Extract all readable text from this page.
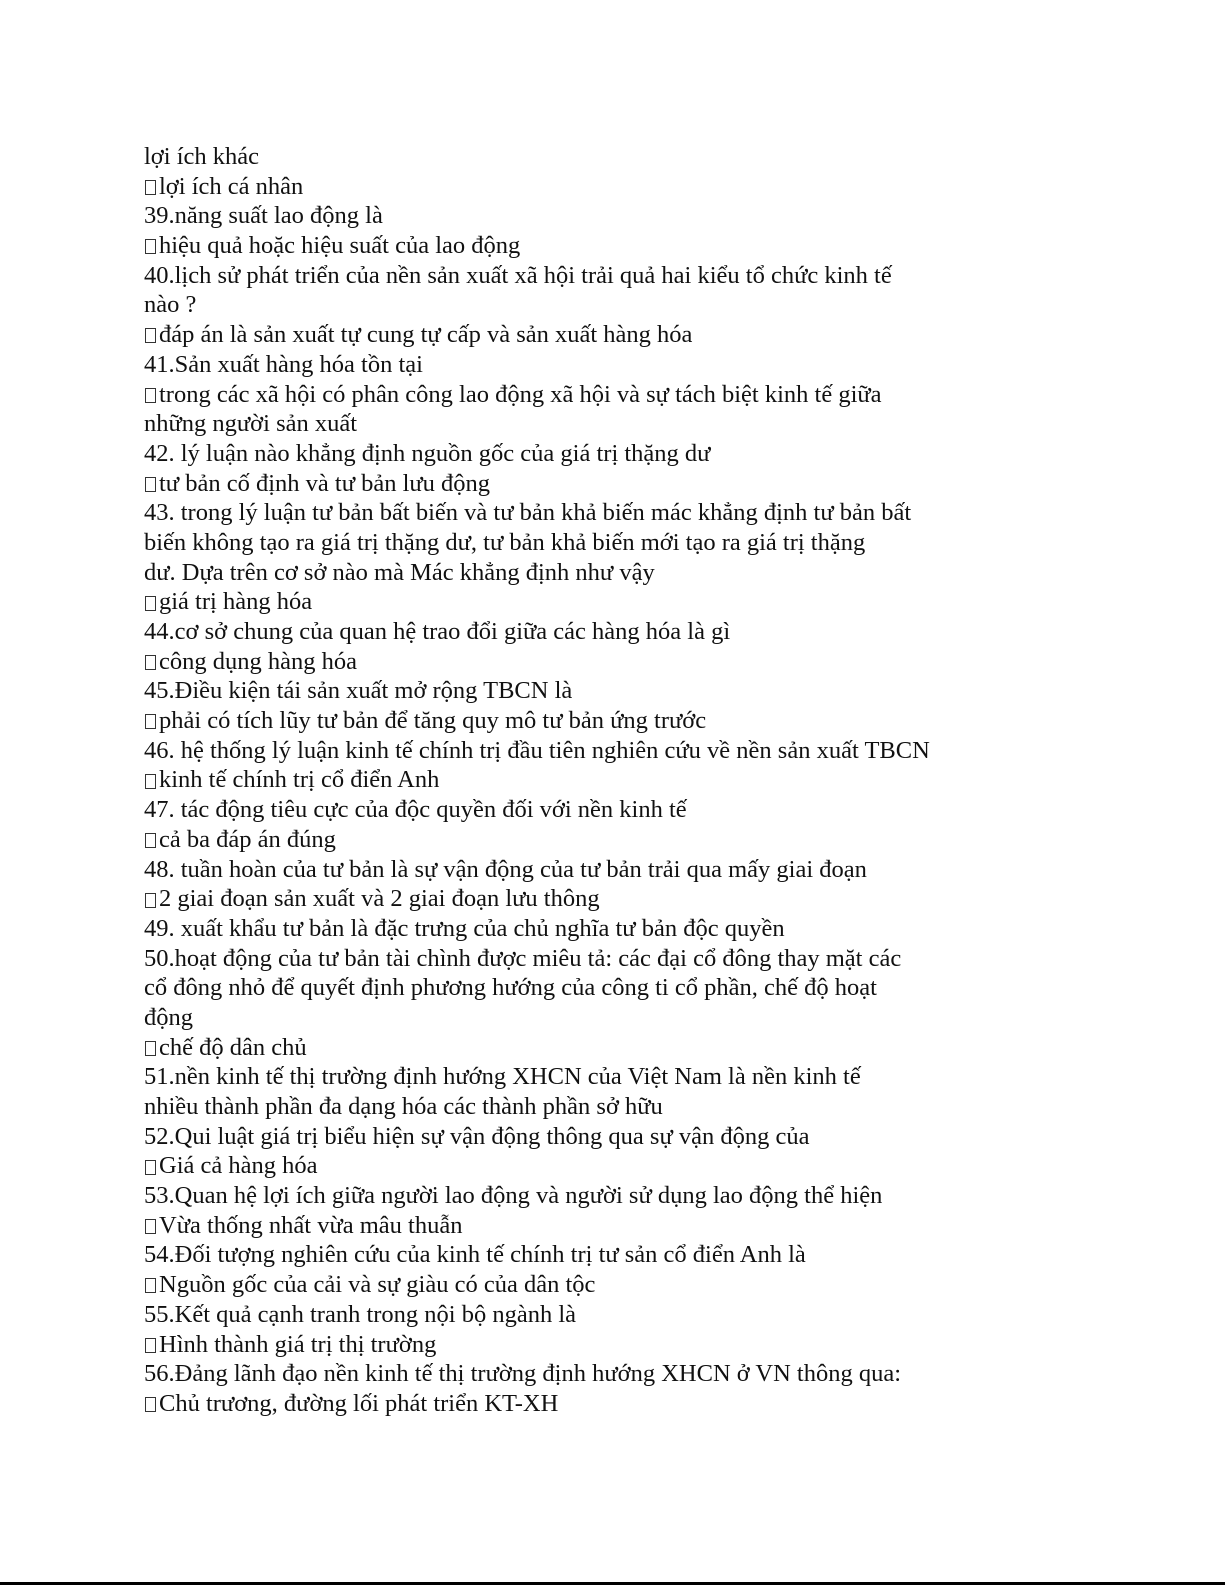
lợi ích khác
lợi ích cá nhân
39.năng suất lao động là
hiệu quả hoặc hiệu suất của lao động
40.lịch sử phát triển của nền sản xuất xã hội trải quả hai kiểu tổ chức kinh tế
nào ?
đáp án là sản xuất tự cung tự cấp và sản xuất hàng hóa
41.Sản xuất hàng hóa tồn tại
trong các xã hội có phân công lao động xã hội và sự tách biệt kinh tế giữa
những người sản xuất
42. lý luận nào khẳng định nguồn gốc của giá trị thặng dư
tư bản cố định và tư bản lưu động
43. trong lý luận tư bản bất biến và tư bản khả biến mác khẳng định tư bản bất
biến không tạo ra giá trị thặng dư, tư bản khả biến mới tạo ra giá trị thặng
dư. Dựa trên cơ sở nào mà Mác khẳng định như vậy
giá trị hàng hóa
44.cơ sở chung của quan hệ trao đổi giữa các hàng hóa là gì
công dụng hàng hóa
45.Điều kiện tái sản xuất mở rộng TBCN là
phải có tích lũy tư bản để tăng quy mô tư bản ứng trước
46. hệ thống lý luận kinh tế chính trị đầu tiên nghiên cứu về nền sản xuất TBCN
kinh tế chính trị cổ điển Anh
47. tác động tiêu cực của độc quyền đối với nền kinh tế
cả ba đáp án đúng
48. tuần hoàn của tư bản là sự vận động của tư bản trải qua mấy giai đoạn
2 giai đoạn sản xuất và 2 giai đoạn lưu thông
49. xuất khẩu tư bản là đặc trưng của chủ nghĩa tư bản độc quyền
50.hoạt động của tư bản tài chình được miêu tả: các đại cổ đông thay mặt các
cổ đông nhỏ để quyết định phương hướng của công ti cổ phần, chế độ hoạt
động
chế độ dân chủ
51.nền kinh tế thị trường định hướng XHCN của Việt Nam là nền kinh tế
nhiều thành phần đa dạng hóa các thành phần sở hữu
52.Qui luật giá trị biểu hiện sự vận động thông qua sự vận động của
Giá cả hàng hóa
53.Quan hệ lợi ích giữa người lao động và người sử dụng lao động thể hiện
Vừa thống nhất vừa mâu thuẫn
54.Đối tượng nghiên cứu của kinh tế chính trị tư sản cổ điển Anh là
Nguồn gốc của cải và sự giàu có của dân tộc
55.Kết quả cạnh tranh trong nội bộ ngành là
Hình thành giá trị thị trường
56.Đảng lãnh đạo nền kinh tế thị trường định hướng XHCN ở VN thông qua:
Chủ trương, đường lối phát triển KT-XH
